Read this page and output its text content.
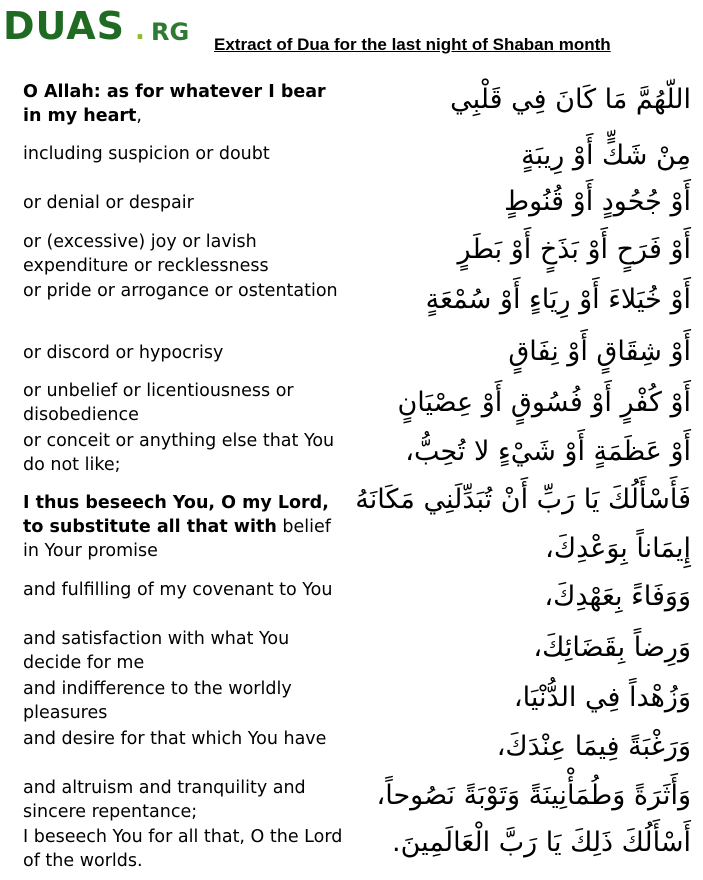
DUAS . RG Extract of Dua for the last night of Shaban month
O Allah: as for whatever I bear in my heart,
including suspicion or doubt
or denial or despair
or (excessive) joy or lavish expenditure or recklessness
or pride or arrogance or ostentation
or discord or hypocrisy
or unbelief or licentiousness or disobedience
or conceit or anything else that You do not like;
I thus beseech You, O my Lord, to substitute all that with belief
in Your promise
and fulfilling of my covenant to You
and satisfaction with what You decide for me
and indifference to the worldly pleasures
and desire for that which You have
and altruism and tranquility and sincere repentance;
I beseech You for all that, O the Lord of the worlds.
اللّهُمَّ مَا كَانَ فِي قَلْبِي
مِنْ شَكٍّ أَوْ رِيبَةٍ
أَوْ جُحُودٍ أَوْ قُنُوطٍ
أَوْ فَرَحٍ أَوْ بَذَخٍ أَوْ بَطَرٍ
أَوْ خُيَلاءَ أَوْ رِيَاءٍ أَوْ سُمْعَةٍ
أَوْ شِقَاقٍ أَوْ نِفَاقٍ
أَوْ كُفْرٍ أَوْ فُسُوقٍ أَوْ عِصْيَانٍ
أَوْ عَظَمَةٍ أَوْ شَيْءٍ لا تُحِبُّ،
فَأَسْأَلُكَ يَا رَبِّ أَنْ تُبَدِّلَنِي مَكَانَهُ
إِيمَاناً بِوَعْدِكَ،
وَوَفَاءً بِعَهْدِكَ،
وَرِضاً بِقَضَائِكَ،
وَزُهْداً فِي الدُّنْيَا،
وَرَغْبَةً فِيمَا عِنْدَكَ،
وَأَثَرَةً وَطُمَأْنِينَةً وَتَوْبَةً نَصُوحاً،
أَسْأَلُكَ ذَلِكَ يَا رَبَّ الْعَالَمِينَ.
